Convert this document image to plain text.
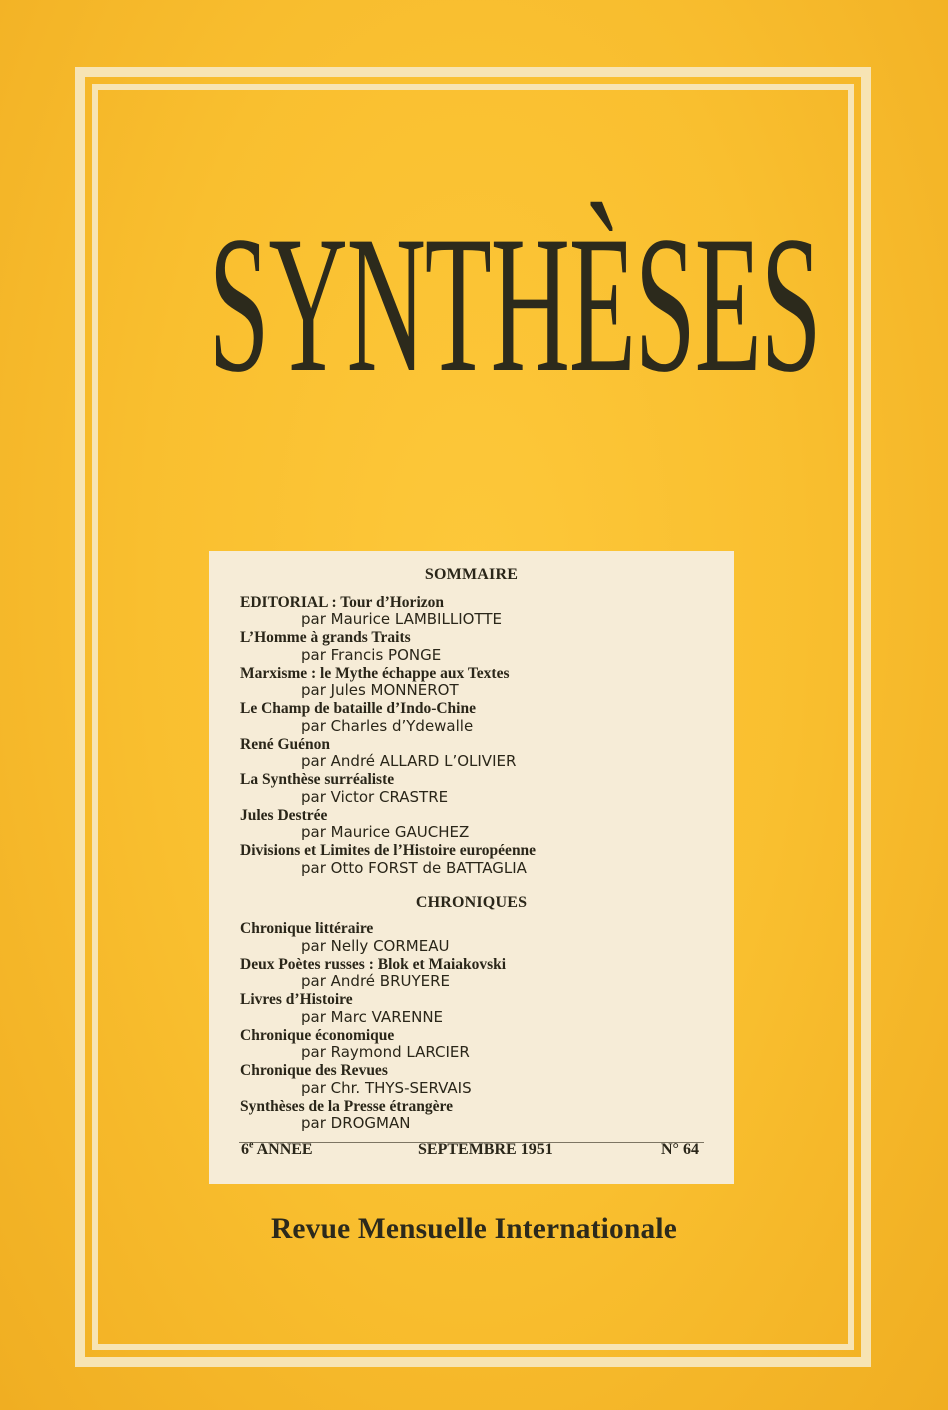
SYNTHÈSES
SOMMAIRE
EDITORIAL : Tour d’Horizon
par Maurice LAMBILLIOTTE
L’Homme à grands Traits
par Francis PONGE
Marxisme : le Mythe échappe aux Textes
par Jules MONNEROT
Le Champ de bataille d’Indo-Chine
par Charles d’Ydewalle
René Guénon
par André ALLARD L’OLIVIER
La Synthèse surréaliste
par Victor CRASTRE
Jules Destrée
par Maurice GAUCHEZ
Divisions et Limites de l’Histoire européenne
par Otto FORST de BATTAGLIA
CHRONIQUES
Chronique littéraire
par Nelly CORMEAU
Deux Poètes russes : Blok et Maiakovski
par André BRUYERE
Livres d’Histoire
par Marc VARENNE
Chronique économique
par Raymond LARCIER
Chronique des Revues
par Chr. THYS-SERVAIS
Synthèses de la Presse étrangère
par DROGMAN
6e ANNEE	SEPTEMBRE 1951	N° 64
Revue Mensuelle Internationale
